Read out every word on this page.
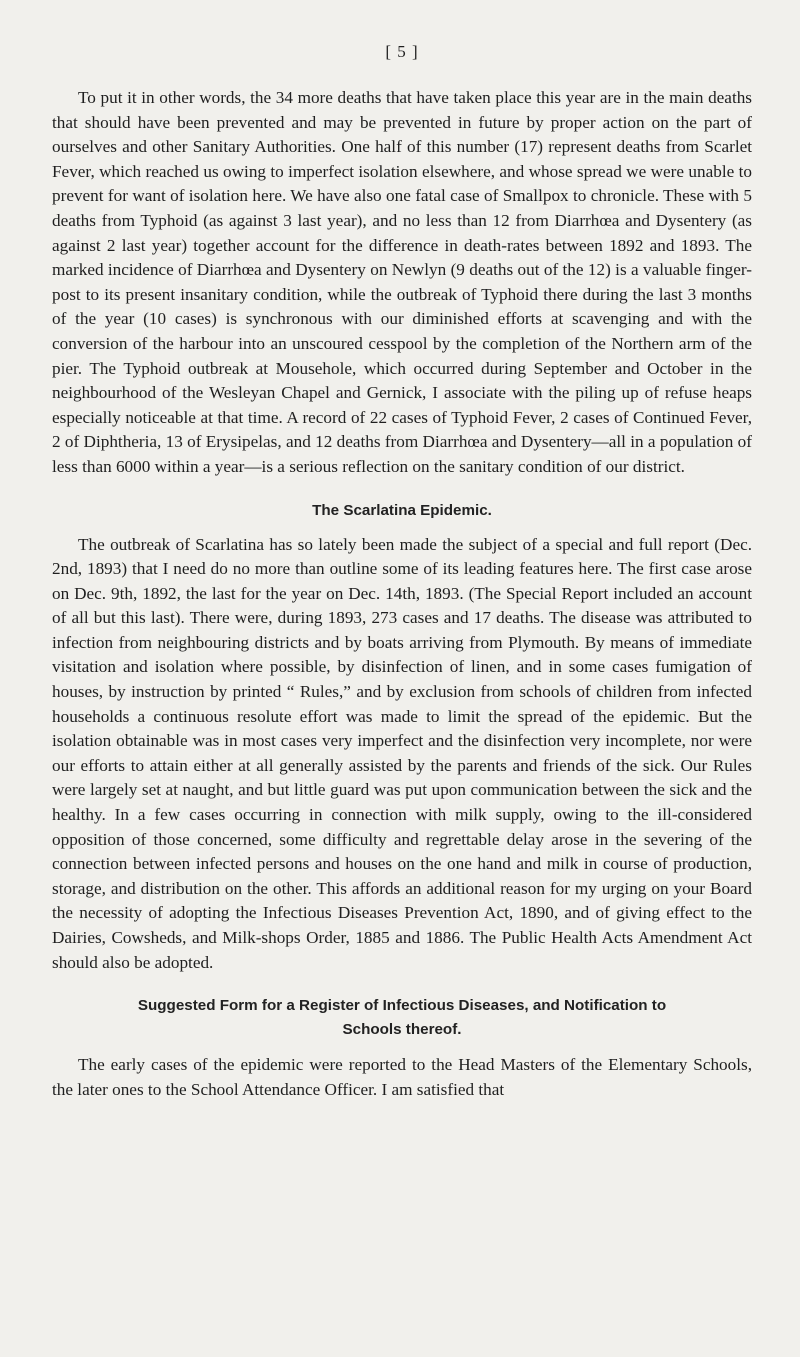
[ 5 ]

To put it in other words, the 34 more deaths that have taken place this year are in the main deaths that should have been prevented and may be prevented in future by proper action on the part of ourselves and other Sanitary Authorities. One half of this number (17) represent deaths from Scarlet Fever, which reached us owing to imperfect isolation elsewhere, and whose spread we were unable to prevent for want of isolation here. We have also one fatal case of Smallpox to chronicle. These with 5 deaths from Typhoid (as against 3 last year), and no less than 12 from Diarrhœa and Dysentery (as against 2 last year) together account for the difference in death-rates between 1892 and 1893. The marked incidence of Diarrhœa and Dysentery on Newlyn (9 deaths out of the 12) is a valuable finger-post to its present insanitary condition, while the outbreak of Typhoid there during the last 3 months of the year (10 cases) is synchronous with our diminished efforts at scavenging and with the conversion of the harbour into an unscoured cesspool by the completion of the Northern arm of the pier. The Typhoid outbreak at Mousehole, which occurred during September and October in the neighbourhood of the Wesleyan Chapel and Gernick, I associate with the piling up of refuse heaps especially noticeable at that time. A record of 22 cases of Typhoid Fever, 2 cases of Continued Fever, 2 of Diphtheria, 13 of Erysipelas, and 12 deaths from Diarrhœa and Dysentery—all in a population of less than 6000 within a year—is a serious reflection on the sanitary condition of our district.

The Scarlatina Epidemic.

The outbreak of Scarlatina has so lately been made the subject of a special and full report (Dec. 2nd, 1893) that I need do no more than outline some of its leading features here. The first case arose on Dec. 9th, 1892, the last for the year on Dec. 14th, 1893. (The Special Report included an account of all but this last). There were, during 1893, 273 cases and 17 deaths. The disease was attributed to infection from neighbouring districts and by boats arriving from Plymouth. By means of immediate visitation and isolation where possible, by disinfection of linen, and in some cases fumigation of houses, by instruction by printed “ Rules,” and by exclusion from schools of children from infected households a continuous resolute effort was made to limit the spread of the epidemic. But the isolation obtainable was in most cases very imperfect and the disinfection very incomplete, nor were our efforts to attain either at all generally assisted by the parents and friends of the sick. Our Rules were largely set at naught, and but little guard was put upon communication between the sick and the healthy. In a few cases occurring in connection with milk supply, owing to the ill-considered opposition of those concerned, some difficulty and regrettable delay arose in the severing of the connection between infected persons and houses on the one hand and milk in course of production, storage, and distribution on the other. This affords an additional reason for my urging on your Board the necessity of adopting the Infectious Diseases Prevention Act, 1890, and of giving effect to the Dairies, Cowsheds, and Milk-shops Order, 1885 and 1886. The Public Health Acts Amendment Act should also be adopted.

Suggested Form for a Register of Infectious Diseases, and Notification to

Schools thereof.

The early cases of the epidemic were reported to the Head Masters of the Elementary Schools, the later ones to the School Attendance Officer. I am satisfied that
